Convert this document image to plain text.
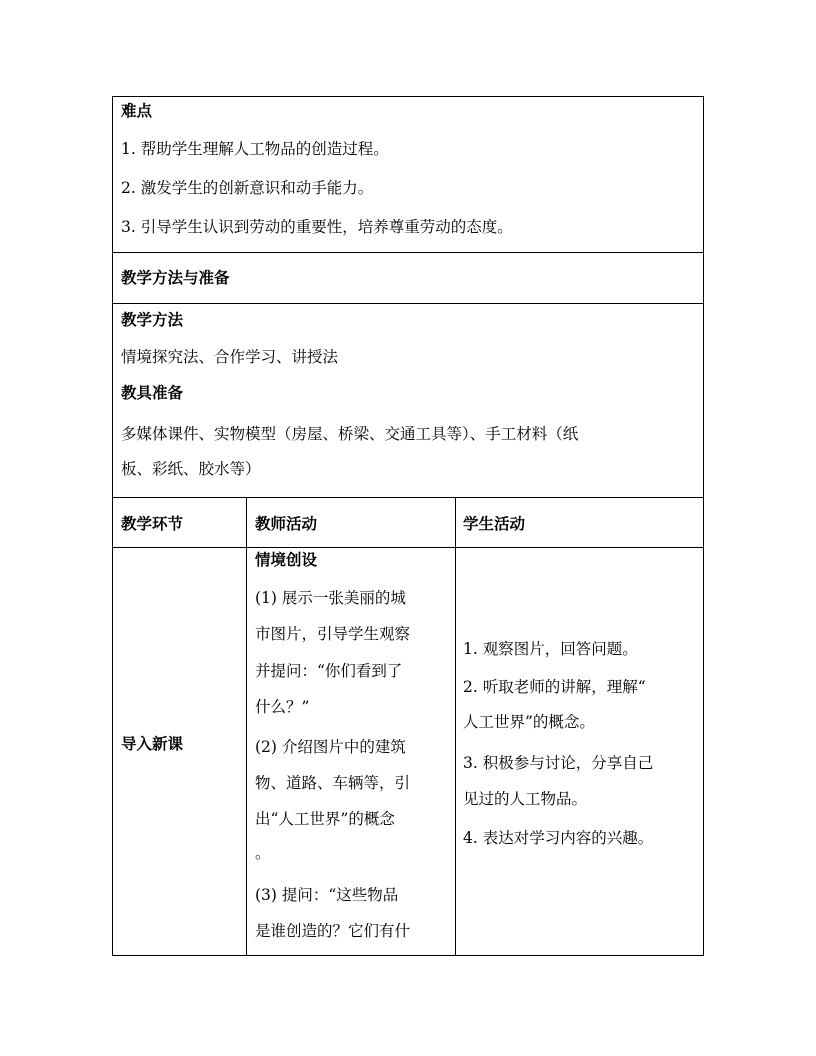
难点
1. 帮助学生理解人工物品的创造过程。
2. 激发学生的创新意识和动手能力。
3. 引导学生认识到劳动的重要性，培养尊重劳动的态度。
教学方法与准备
教学方法
情境探究法、合作学习、讲授法
教具准备
多媒体课件、实物模型（房屋、桥梁、交通工具等）、手工材料（纸
板、彩纸、胶水等）
教学环节	教师活动	学生活动
导入新课
情境创设
(1) 展示一张美丽的城
市图片，引导学生观察
并提问：“你们看到了
什么？”
(2) 介绍图片中的建筑
物、道路、车辆等，引
出“人工世界”的概念
。
(3) 提问：“这些物品
是谁创造的？它们有什
1. 观察图片，回答问题。
2. 听取老师的讲解，理解“
人工世界”的概念。
3. 积极参与讨论，分享自己
见过的人工物品。
4. 表达对学习内容的兴趣。
